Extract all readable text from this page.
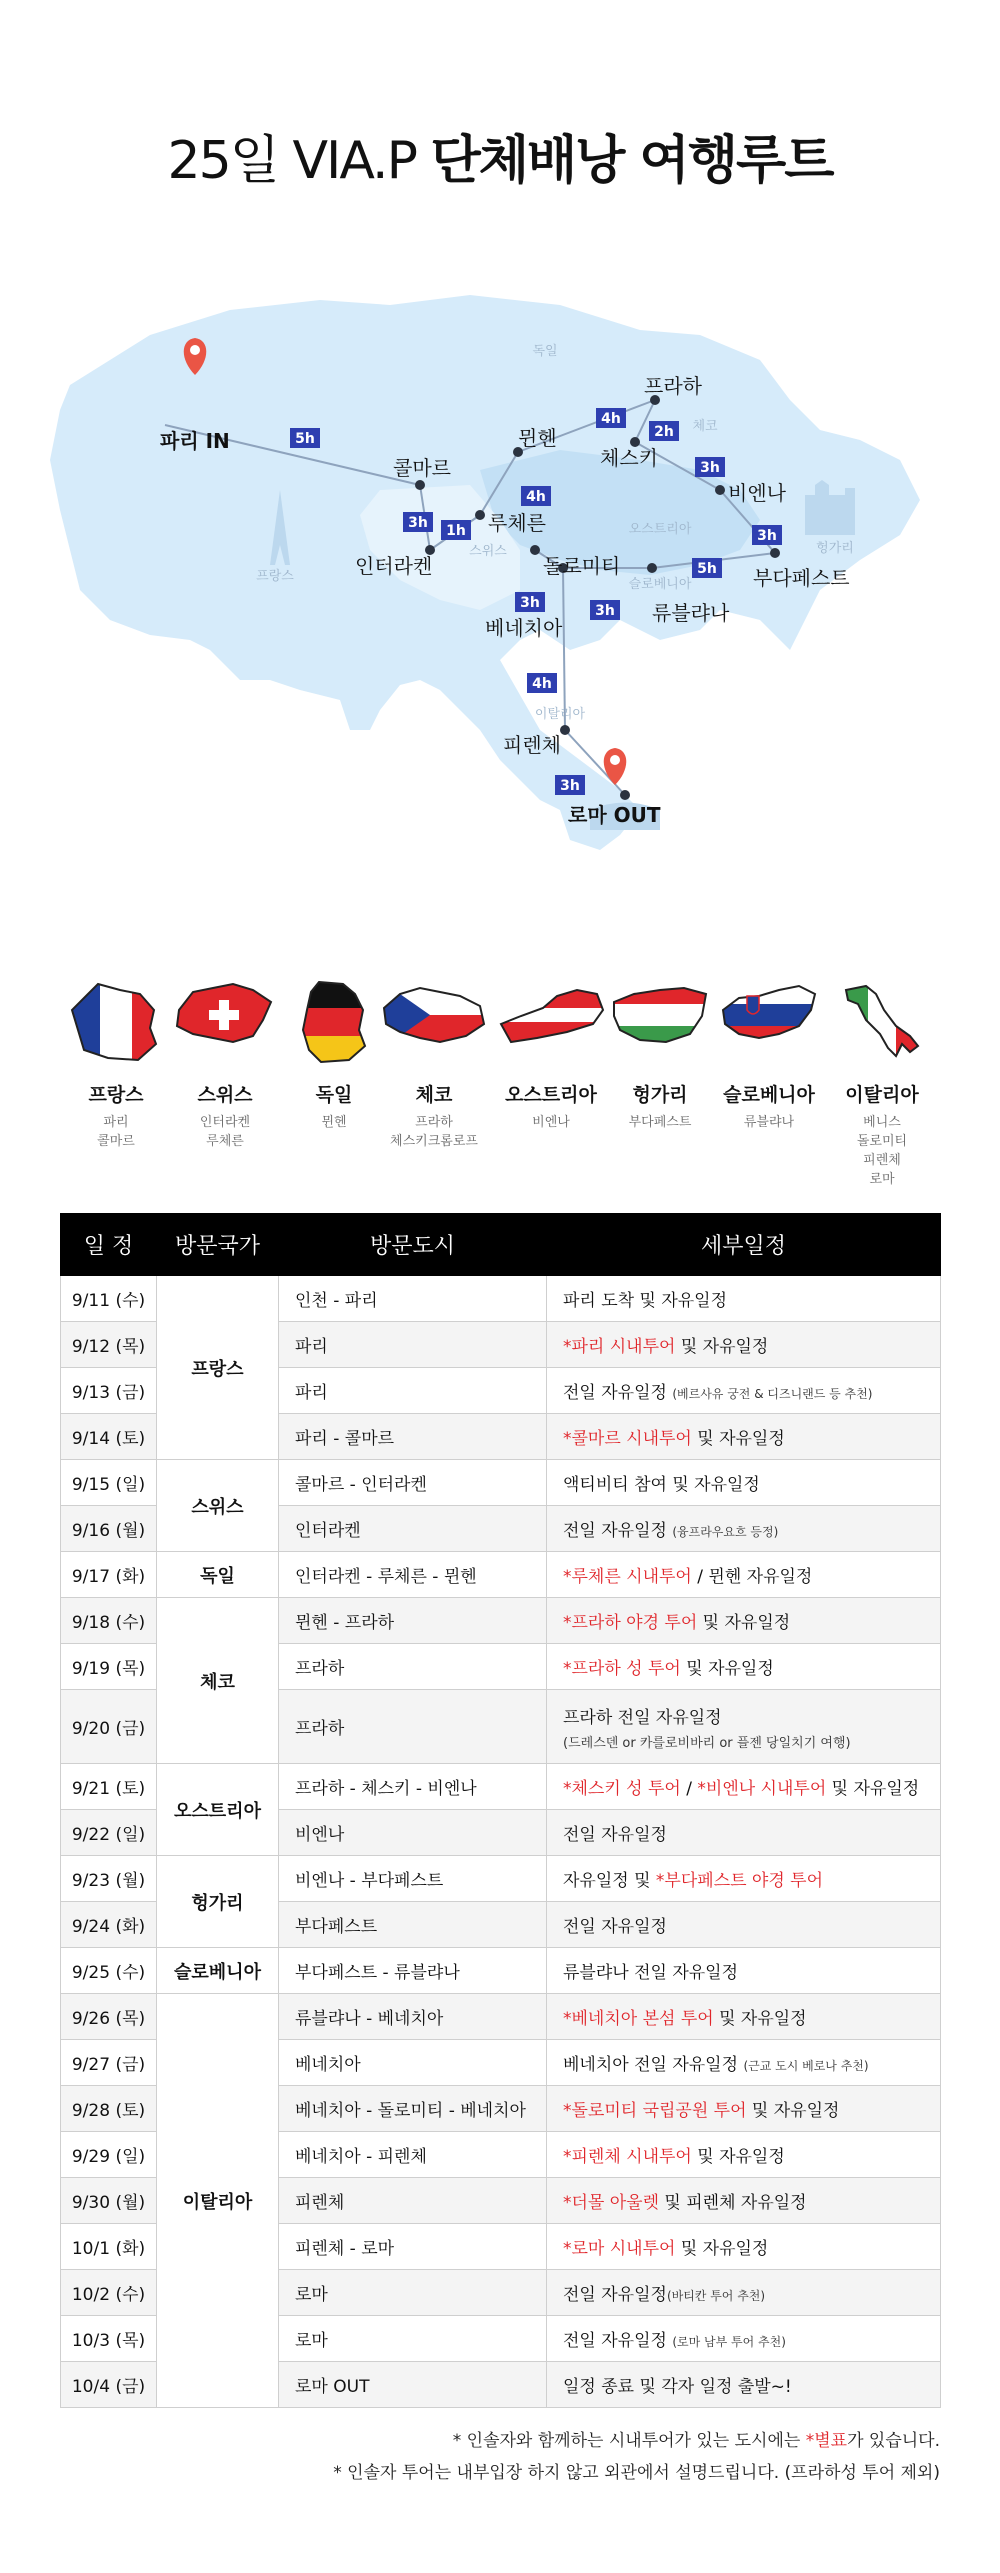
25일 VIA.P 단체배낭 여행루트
독일
체코
스위스
프랑스
오스트리아
슬로베니아
헝가리
이탈리아
파리 IN
콜마르
인터라켄
루체른
뮌헨
프라하
체스키
비엔나
부다페스트
류블랴나
돌로미티
베네치아
피렌체
로마 OUT
5h
3h 1h
4h
4h
2h
3h
3h
5h
3h
3h
4h
3h
프랑스
파리
콜마르
스위스
인터라켄
루체른
독일
뮌헨
체코
프라하
체스키크롬로프
오스트리아
비엔나
헝가리
부다페스트
슬로베니아
류블랴나
이탈리아
베니스
돌로미티
피렌체
로마
일 정	방문국가	방문도시	세부일정
9/11 (수)	프랑스	인천 - 파리	파리 도착 및 자유일정
9/12 (목)		파리	*파리 시내투어 및 자유일정
9/13 (금)		파리	전일 자유일정 (베르사유 궁전 & 디즈니랜드 등 추천)
9/14 (토)		파리 - 콜마르	*콜마르 시내투어 및 자유일정
9/15 (일)	스위스	콜마르 - 인터라켄	액티비티 참여 및 자유일정
9/16 (월)		인터라켄	전일 자유일정 (융프라우요흐 등정)
9/17 (화)	독일	인터라켄 - 루체른 - 뮌헨	*루체른 시내투어 / 뮌헨 자유일정
9/18 (수)	체코	뮌헨 - 프라하	*프라하 야경 투어 및 자유일정
9/19 (목)		프라하	*프라하 성 투어 및 자유일정
9/20 (금)		프라하	프라하 전일 자유일정
(드레스덴 or 카를로비바리 or 플젠 당일치기 여행)

9/21 (토)	오스트리아	프라하 - 체스키 - 비엔나	*체스키 성 투어 / *비엔나 시내투어 및 자유일정
9/22 (일)		비엔나	전일 자유일정
9/23 (월)	헝가리	비엔나 - 부다페스트	자유일정 및 *부다페스트 야경 투어
9/24 (화)		부다페스트	전일 자유일정
9/25 (수)	슬로베니아	부다페스트 - 류블랴나	류블랴나 전일 자유일정
9/26 (목)	이탈리아	류블랴나 - 베네치아	*베네치아 본섬 투어 및 자유일정
9/27 (금)		베네치아	베네치아 전일 자유일정 (근교 도시 베로나 추천)
9/28 (토)		베네치아 - 돌로미티 - 베네치아	*돌로미티 국립공원 투어 및 자유일정
9/29 (일)		베네치아 - 피렌체	*피렌체 시내투어 및 자유일정
9/30 (월)		피렌체	*더몰 아울렛 및 피렌체 자유일정
10/1 (화)		피렌체 - 로마	*로마 시내투어 및 자유일정
10/2 (수)		로마	전일 자유일정(바티칸 투어 추천)
10/3 (목)		로마	전일 자유일정 (로마 남부 투어 추천)
10/4 (금)		로마 OUT	일정 종료 및 각자 일정 출발~!
* 인솔자와 함께하는 시내투어가 있는 도시에는 *별표가 있습니다.
* 인솔자 투어는 내부입장 하지 않고 외관에서 설명드립니다. (프라하성 투어 제외)
